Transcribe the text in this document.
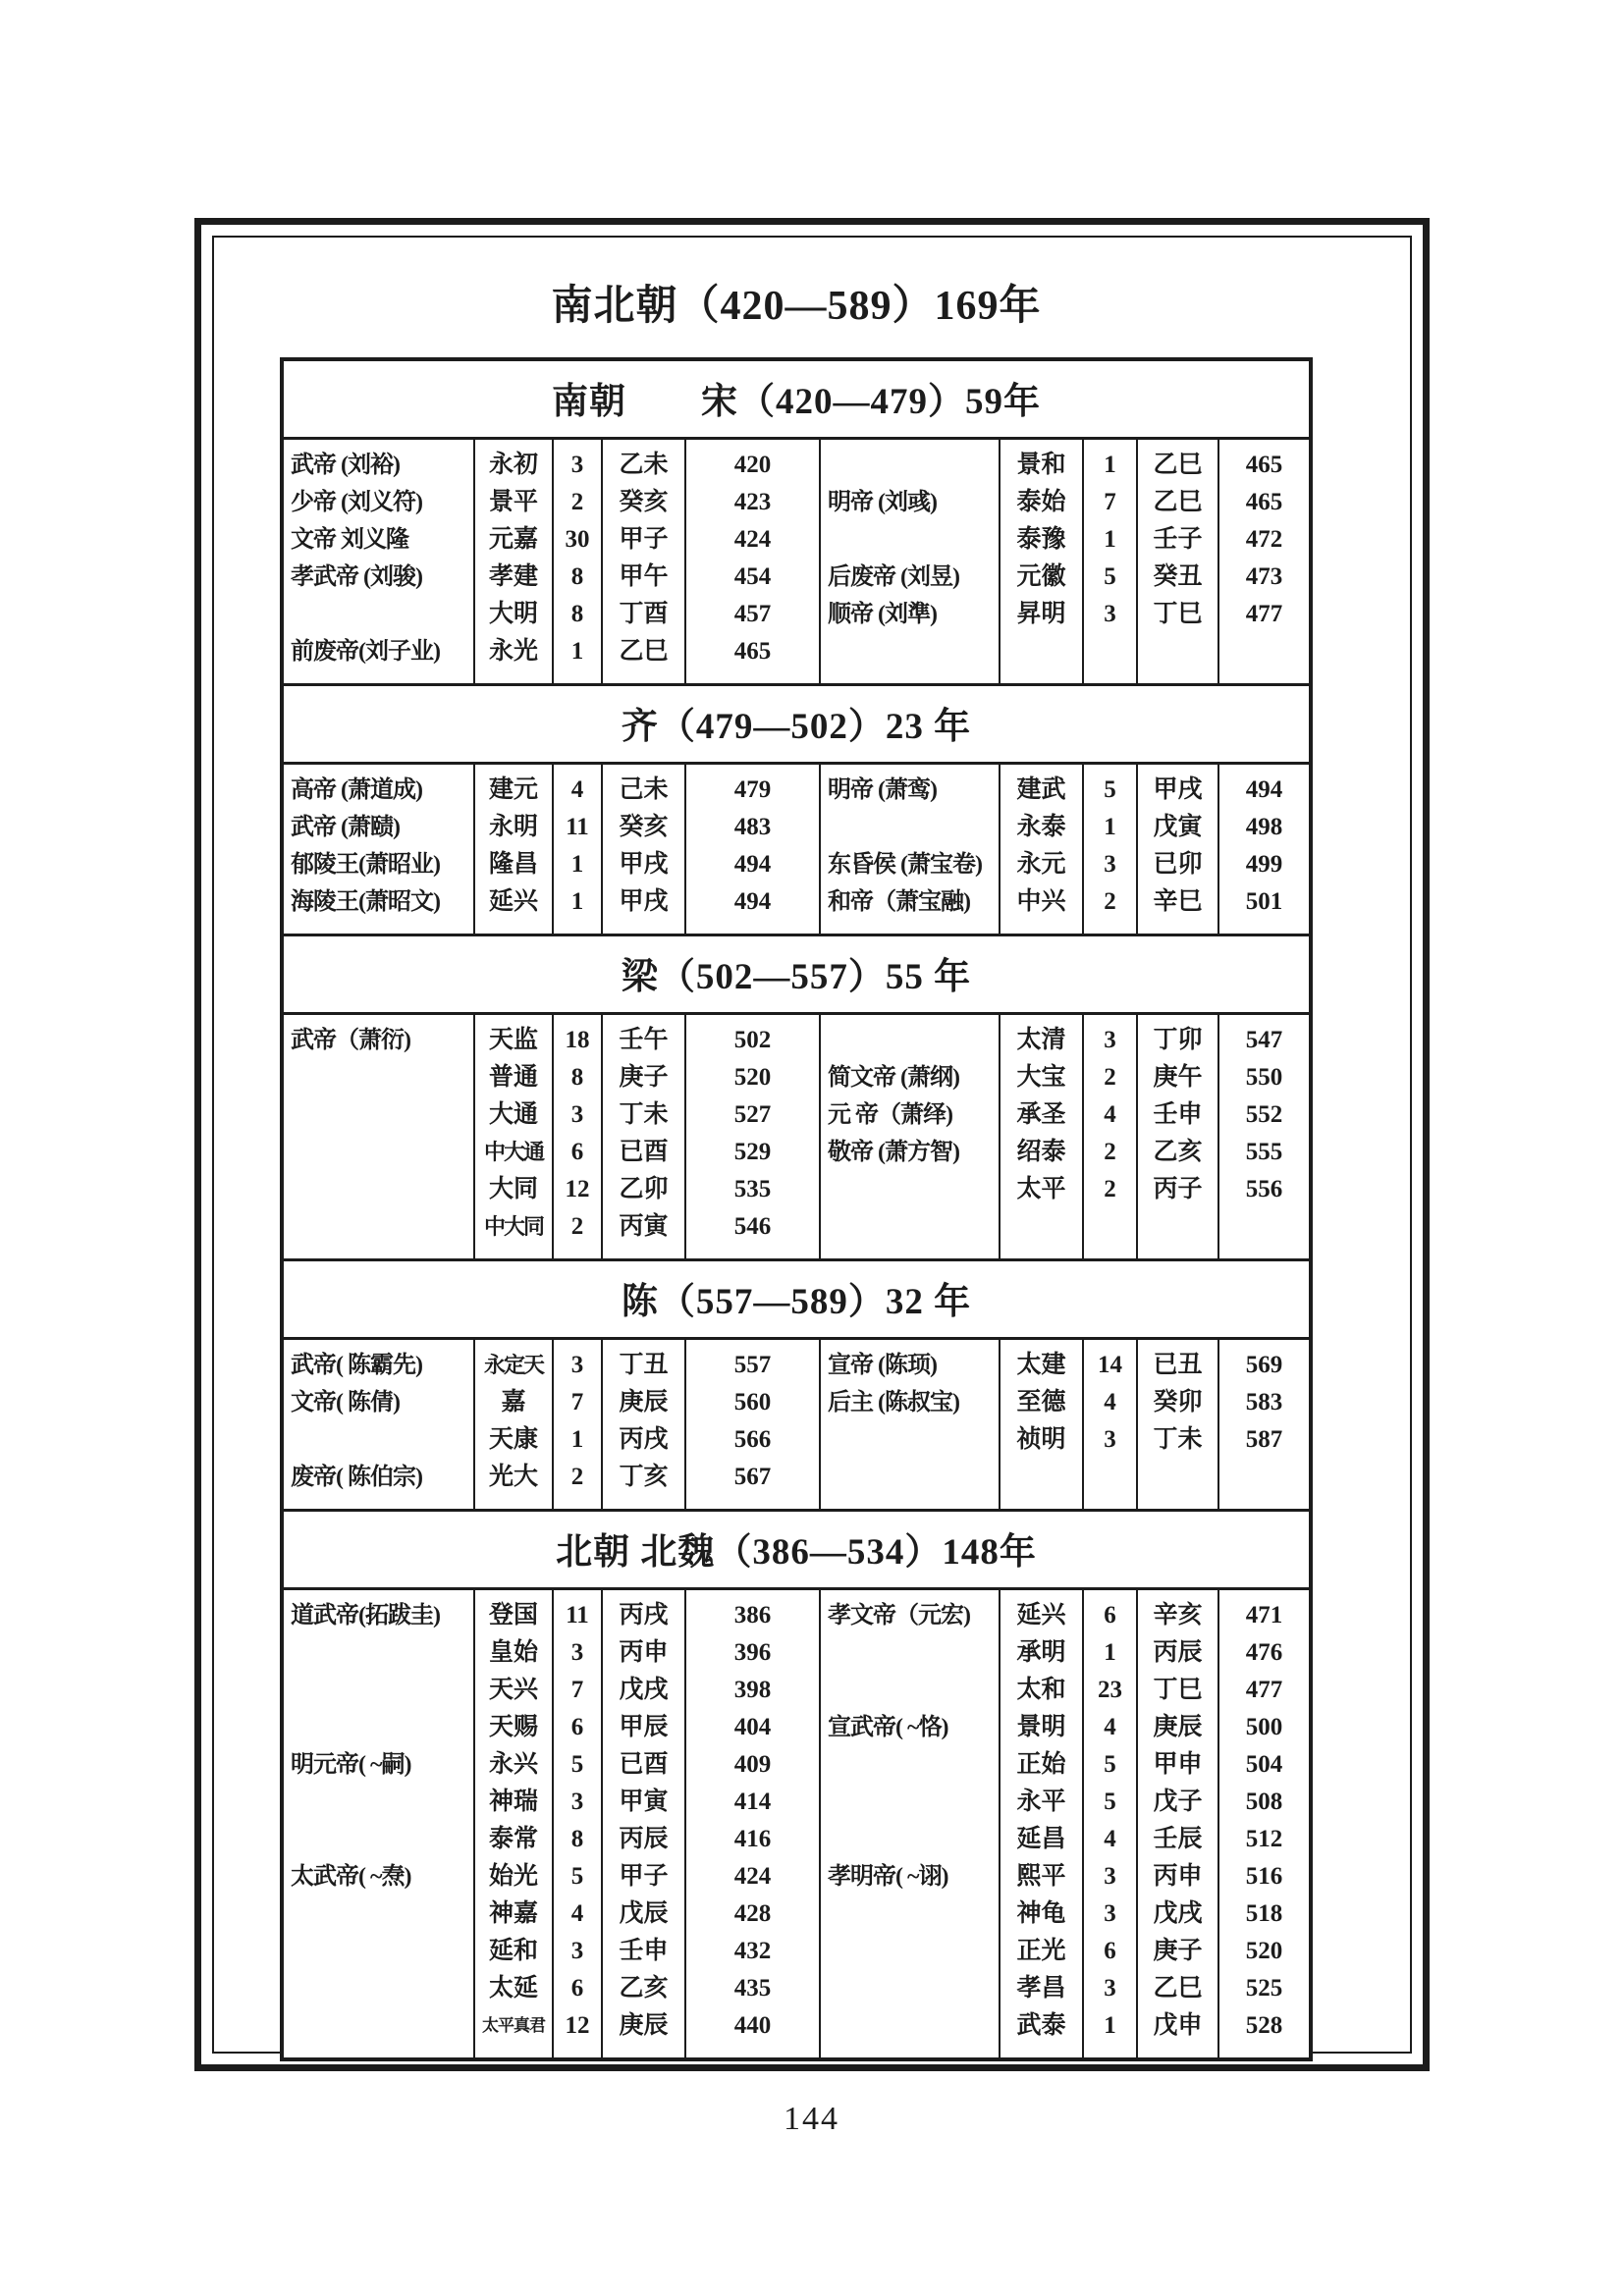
南北朝（420—589）169年
南朝　　宋（420—479）59年
武帝 (刘裕)
少帝 (刘义符)
文帝 刘义隆
孝武帝 (刘骏)
前废帝(刘子业)
永初
景平
元嘉
孝建
大明
永光
3
2
30
8
8
1
乙未
癸亥
甲子
甲午
丁酉
乙巳
420
423
424
454
457
465
明帝 (刘彧)
后废帝 (刘昱)
顺帝 (刘準)
景和
泰始
泰豫
元徽
昇明
1
7
1
5
3
乙巳
乙巳
壬子
癸丑
丁巳
465
465
472
473
477
齐（479—502）23 年
高帝 (萧道成)
武帝 (萧赜)
郁陵王(萧昭业)
海陵王(萧昭文)
建元
永明
隆昌
延兴
4
11
1
1
己未
癸亥
甲戌
甲戌
479
483
494
494
明帝 (萧鸾)
东昏侯 (萧宝卷)
和帝（萧宝融)
建武
永泰
永元
中兴
5
1
3
2
甲戌
戊寅
已卯
辛巳
494
498
499
501
梁（502—557）55 年
武帝（萧衍)	天监
普通
大通
中大通
大同
中大同
18
8
3
6
12
2
壬午
庚子
丁未
已酉
乙卯
丙寅
502
520
527
529
535
546
简文帝 (萧纲)
元 帝（萧绎)
敬帝 (萧方智)
太清
大宝
承圣
绍泰
太平
3
2
4
2
2
丁卯
庚午
壬申
乙亥
丙子
547
550
552
555
556
陈（557—589）32 年
武帝( 陈霸先)
文帝( 陈倩)
废帝( 陈伯宗)
永定天
嘉
天康
光大
3
7
1
2
丁丑
庚辰
丙戌
丁亥
557
560
566
567
宣帝 (陈顼)
后主 (陈叔宝)
太建
至德
祯明
14
4
3
已丑
癸卯
丁未
569
583
587
北朝 北魏（386—534）148年
道武帝(拓跋圭)
明元帝( ~嗣)
太武帝( ~焘)
登国
皇始
天兴
天赐
永兴
神瑞
泰常
始光
神嘉
延和
太延
太平真君
11
3
7
6
5
3
8
5
4
3
6
12
丙戌
丙申
戊戌
甲辰
已酉
甲寅
丙辰
甲子
戊辰
壬申
乙亥
庚辰
386
396
398
404
409
414
416
424
428
432
435
440
孝文帝（元宏)
宣武帝( ~恪)
孝明帝( ~诩)
延兴
承明
太和
景明
正始
永平
延昌
熙平
神龟
正光
孝昌
武泰
6
1
23
4
5
5
4
3
3
6
3
1
辛亥
丙辰
丁巳
庚辰
甲申
戊子
壬辰
丙申
戊戌
庚子
乙巳
戊申
471
476
477
500
504
508
512
516
518
520
525
528
144
